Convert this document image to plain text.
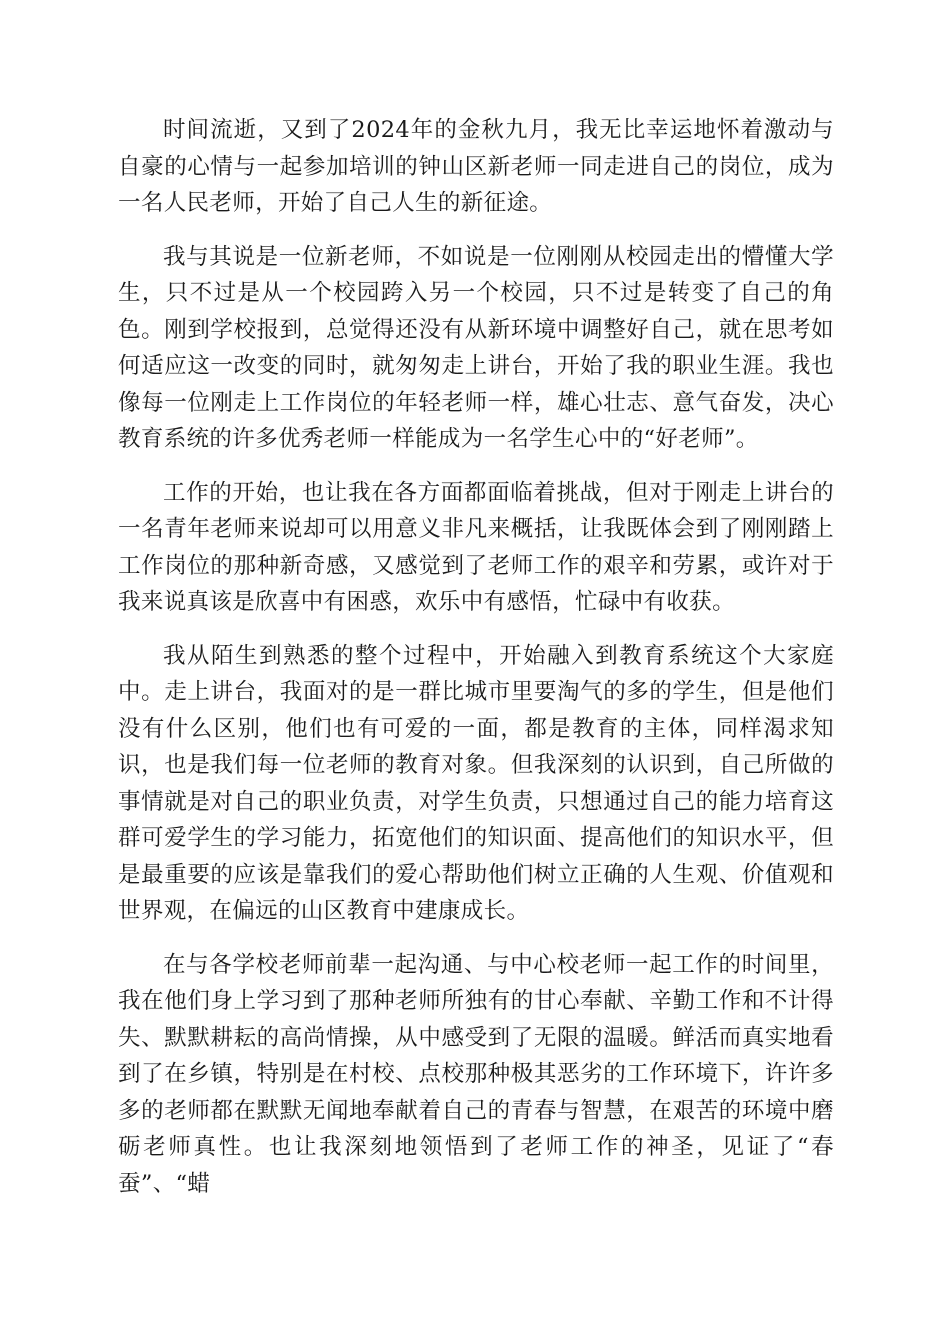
时间流逝，又到了2024年的金秋九月，我无比幸运地怀着激动与自豪的心情与一起参加培训的钟山区新老师一同走进自己的岗位，成为一名人民老师，开始了自己人生的新征途。

我与其说是一位新老师，不如说是一位刚刚从校园走出的懵懂大学生，只不过是从一个校园跨入另一个校园，只不过是转变了自己的角色。刚到学校报到，总觉得还没有从新环境中调整好自己，就在思考如何适应这一改变的同时，就匆匆走上讲台，开始了我的职业生涯。我也像每一位刚走上工作岗位的年轻老师一样，雄心壮志、意气奋发，决心教育系统的许多优秀老师一样能成为一名学生心中的“好老师”。

工作的开始，也让我在各方面都面临着挑战，但对于刚走上讲台的一名青年老师来说却可以用意义非凡来概括，让我既体会到了刚刚踏上工作岗位的那种新奇感，又感觉到了老师工作的艰辛和劳累，或许对于我来说真该是欣喜中有困惑，欢乐中有感悟，忙碌中有收获。

我从陌生到熟悉的整个过程中，开始融入到教育系统这个大家庭中。走上讲台，我面对的是一群比城市里要淘气的多的学生，但是他们没有什么区别，他们也有可爱的一面，都是教育的主体，同样渴求知识，也是我们每一位老师的教育对象。但我深刻的认识到，自己所做的事情就是对自己的职业负责，对学生负责，只想通过自己的能力培育这群可爱学生的学习能力，拓宽他们的知识面、提高他们的知识水平，但是最重要的应该是靠我们的爱心帮助他们树立正确的人生观、价值观和世界观，在偏远的山区教育中建康成长。

在与各学校老师前辈一起沟通、与中心校老师一起工作的时间里，我在他们身上学习到了那种老师所独有的甘心奉献、辛勤工作和不计得失、默默耕耘的高尚情操，从中感受到了无限的温暖。鲜活而真实地看到了在乡镇，特别是在村校、点校那种极其恶劣的工作环境下，许许多多的老师都在默默无闻地奉献着自己的青春与智慧，在艰苦的环境中磨砺老师真性。也让我深刻地领悟到了老师工作的神圣，见证了“春蚕”、“蜡
